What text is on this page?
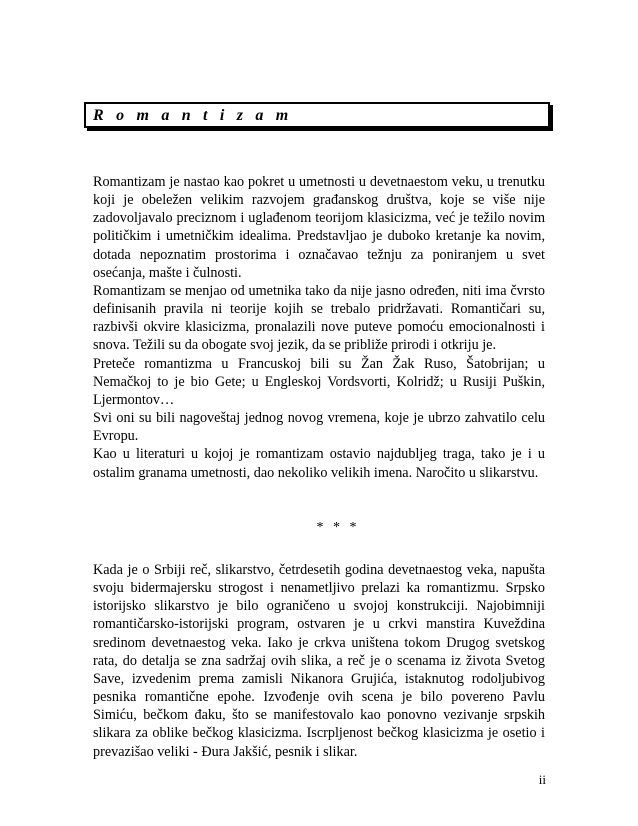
R o m a n t i z a m

Romantizam je nastao kao pokret u umetnosti u devetnaestom veku, u trenutku koji je obeležen velikim razvojem građanskog društva, koje se više nije zadovoljavalo preciznom i uglađenom teorijom klasicizma, već je težilo novim političkim i umetničkim idealima. Predstavljao je duboko kretanje ka novim, dotada nepoznatim prostorima i označavao težnju za poniranjem u svet osećanja, mašte i čulnosti.

Romantizam se menjao od umetnika tako da nije jasno određen, niti ima čvrsto definisanih pravila ni teorije kojih se trebalo pridržavati. Romantičari su, razbivši okvire klasicizma, pronalazili nove puteve pomoću emocionalnosti i snova. Težili su da obogate svoj jezik, da se približe prirodi i otkriju je.

Preteče romantizma u Francuskoj bili su Žan Žak Ruso, Šatobrijan; u Nemačkoj to je bio Gete; u Engleskoj Vordsvorti, Kolridž; u Rusiji Puškin, Ljermontov…

Svi oni su bili nagoveštaj jednog novog vremena, koje je ubrzo zahvatilo celu Evropu.

Kao u literaturi u kojoj je romantizam ostavio najdublјeg traga, tako je i u ostalim granama umetnosti, dao nekoliko velikih imena. Naročito u slikarstvu.

* * *

Kada je o Srbiji reč, slikarstvo, četrdesetih godina devetnaestog veka, napušta svoju bidermajersku strogost i nenametljivo prelazi ka romantizmu. Srpsko istorijsko slikarstvo je bilo ograničeno u svojoj konstrukciji. Najobimniji romantičarsko-istorijski program, ostvaren je u crkvi manstira Kuveždina sredinom devetnaestog veka. Iako je crkva uništena tokom Drugog svetskog rata, do detalja se zna sadržaj ovih slika, a reč je o scenama iz života Svetog Save, izvedenim prema zamisli Nikanora Grujića, istaknutog rodoljubivog pesnika romantične epohe. Izvođenje ovih scena je bilo povereno Pavlu Simiću, bečkom đaku, što se manifestovalo kao ponovno vezivanje srpskih slikara za oblike bečkog klasicizma. Iscrplјenost bečkog klasicizma je osetio i prevazišao veliki - Đura Jakšić, pesnik i slikar.

ii
